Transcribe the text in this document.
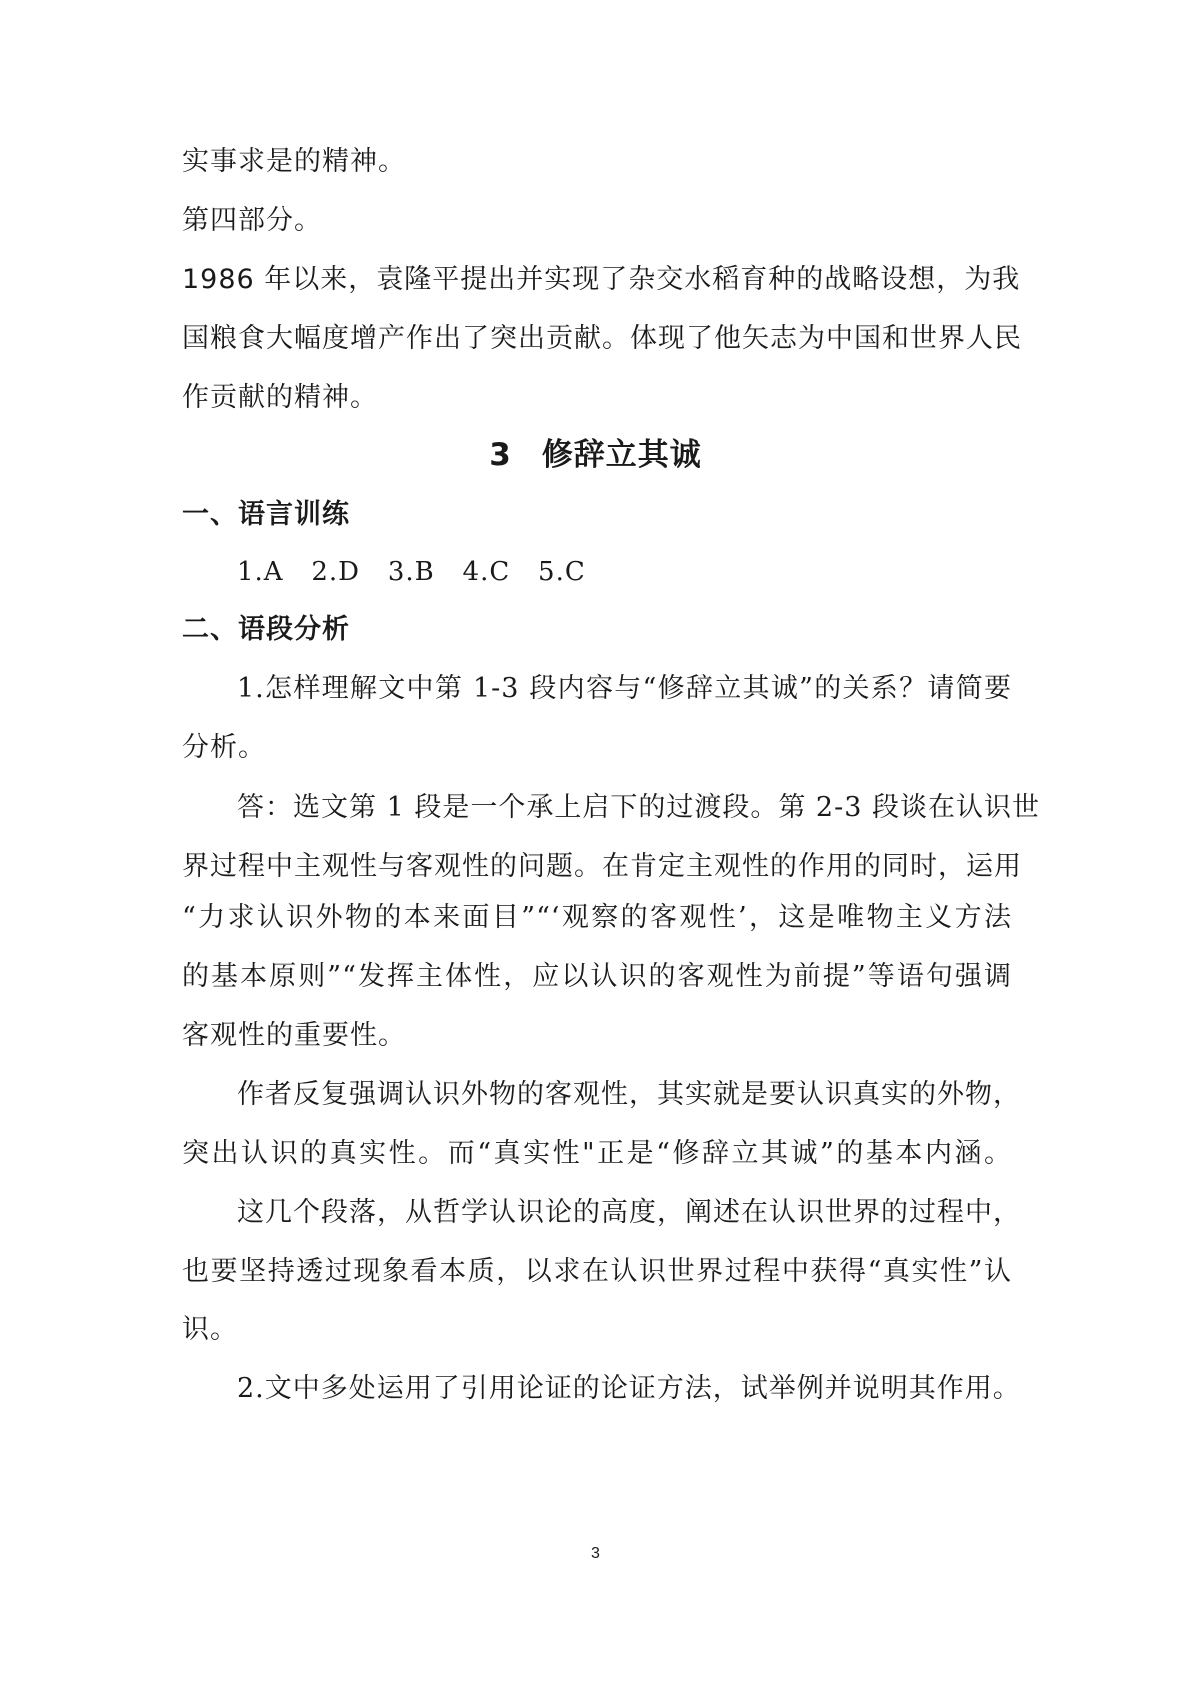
实事求是的精神。
第四部分。
1986 年以来，袁隆平提出并实现了杂交水稻育种的战略设想，为我
国粮食大幅度增产作出了突出贡献。体现了他矢志为中国和世界人民
作贡献的精神。
3 修辞立其诚
一、语言训练
1.A   2.D   3.B   4.C   5.C
二、语段分析
1.怎样理解文中第 1-3 段内容与“修辞立其诚”的关系？请简要
分析。
答：选文第 1 段是一个承上启下的过渡段。第 2-3 段谈在认识世
界过程中主观性与客观性的问题。在肯定主观性的作用的同时，运用
“力求认识外物的本来面目”“‘观察的客观性’，这是唯物主义方法
的基本原则”“发挥主体性，应以认识的客观性为前提”等语句强调
客观性的重要性。
作者反复强调认识外物的客观性，其实就是要认识真实的外物，
突出认识的真实性。而“真实性"正是“修辞立其诚”的基本内涵。
这几个段落，从哲学认识论的高度，阐述在认识世界的过程中，
也要坚持透过现象看本质，以求在认识世界过程中获得“真实性”认
识。
2.文中多处运用了引用论证的论证方法，试举例并说明其作用。
3
